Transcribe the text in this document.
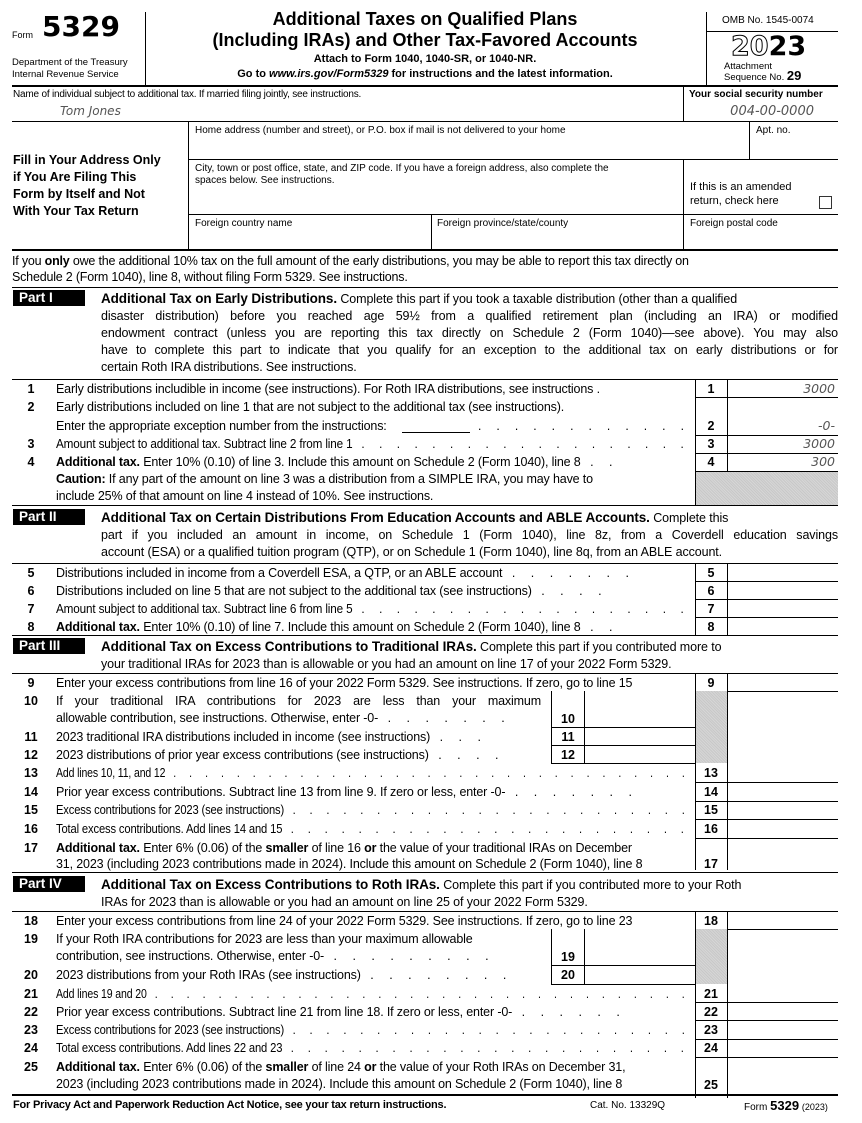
Form 5329
Department of the Treasury
Internal Revenue Service
Additional Taxes on Qualified Plans
(Including IRAs) and Other Tax-Favored Accounts
Attach to Form 1040, 1040-SR, or 1040-NR.
Go to www.irs.gov/Form5329 for instructions and the latest information.
OMB No. 1545-0074
2023
Attachment
Sequence No. 29
Name of individual subject to additional tax. If married filing jointly, see instructions.
Tom Jones
Your social security number
004-00-0000
Fill in Your Address Only
if You Are Filing This
Form by Itself and Not
With Your Tax Return
Home address (number and street), or P.O. box if mail is not delivered to your home	Apt. no.
City, town or post office, state, and ZIP code. If you have a foreign address, also complete the
spaces below. See instructions.
If this is an amended
return, check here
Foreign country name	Foreign province/state/county	Foreign postal code
If you only owe the additional 10% tax on the full amount of the early distributions, you may be able to report this tax directly on
Schedule 2 (Form 1040), line 8, without filing Form 5329. See instructions.
Part I	Additional Tax on Early Distributions. Complete this part if you took a taxable distribution (other than a qualified
disaster distribution) before you reached age 59½ from a qualified retirement plan (including an IRA) or modified
endowment contract (unless you are reporting this tax directly on Schedule 2 (Form 1040)—see above). You may also
have to complete this part to indicate that you qualify for an exception to the additional tax on early distributions or for
certain Roth IRA distributions. See instructions.
1	Early distributions includible in income (see instructions). For Roth IRA distributions, see instructions .	1	3000
2	Early distributions included on line 1 that are not subject to the additional tax (see instructions).
Enter the appropriate exception number from the instructions:	. . . . . . . . . . . .	2	-0-
3	Amount subject to additional tax. Subtract line 2 from line 1 . . . . . . . . . . . . . . . . . . .	3	3000
4	Additional tax. Enter 10% (0.10) of line 3. Include this amount on Schedule 2 (Form 1040), line 8 . .	4	300
Caution: If any part of the amount on line 3 was a distribution from a SIMPLE IRA, you may have to
include 25% of that amount on line 4 instead of 10%. See instructions.
Part II	Additional Tax on Certain Distributions From Education Accounts and ABLE Accounts. Complete this
part if you included an amount in income, on Schedule 1 (Form 1040), line 8z, from a Coverdell education savings
account (ESA) or a qualified tuition program (QTP), or on Schedule 1 (Form 1040), line 8q, from an ABLE account.
5	Distributions included in income from a Coverdell ESA, a QTP, or an ABLE account . . . . . . .	5
6	Distributions included on line 5 that are not subject to the additional tax (see instructions) . . . .	6
7	Amount subject to additional tax. Subtract line 6 from line 5 . . . . . . . . . . . . . . . . . . .	7
8	Additional tax. Enter 10% (0.10) of line 7. Include this amount on Schedule 2 (Form 1040), line 8 . .	8
Part III	Additional Tax on Excess Contributions to Traditional IRAs. Complete this part if you contributed more to
your traditional IRAs for 2023 than is allowable or you had an amount on line 17 of your 2022 Form 5329.
9	Enter your excess contributions from line 16 of your 2022 Form 5329. See instructions. If zero, go to line 15	9
10	If your traditional IRA contributions for 2023 are less than your maximum
allowable contribution, see instructions. Otherwise, enter -0- . . . . . . .	10
11	2023 traditional IRA distributions included in income (see instructions) . . .	11
12	2023 distributions of prior year excess contributions (see instructions) . . . .	12
13	Add lines 10, 11, and 12 . . . . . . . . . . . . . . . . . . . . . . . . . . . . . . . . .	13
14	Prior year excess contributions. Subtract line 13 from line 9. If zero or less, enter -0- . . . . . . .	14
15	Excess contributions for 2023 (see instructions) . . . . . . . . . . . . . . . . . . . . . . . .	15
16	Total excess contributions. Add lines 14 and 15 . . . . . . . . . . . . . . . . . . . . . . . .	16
17	Additional tax. Enter 6% (0.06) of the smaller of line 16 or the value of your traditional IRAs on December
31, 2023 (including 2023 contributions made in 2024). Include this amount on Schedule 2 (Form 1040), line 8	17
Part IV	Additional Tax on Excess Contributions to Roth IRAs. Complete this part if you contributed more to your Roth
IRAs for 2023 than is allowable or you had an amount on line 25 of your 2022 Form 5329.
18	Enter your excess contributions from line 24 of your 2022 Form 5329. See instructions. If zero, go to line 23	18
19	If your Roth IRA contributions for 2023 are less than your maximum allowable
contribution, see instructions. Otherwise, enter -0- . . . . . . . . .	19
20	2023 distributions from your Roth IRAs (see instructions) . . . . . . . .	20
21	Add lines 19 and 20 . . . . . . . . . . . . . . . . . . . . . . . . . . . . . . . . . .	21
22	Prior year excess contributions. Subtract line 21 from line 18. If zero or less, enter -0- . . . . . .	22
23	Excess contributions for 2023 (see instructions) . . . . . . . . . . . . . . . . . . . . . . . .	23
24	Total excess contributions. Add lines 22 and 23 . . . . . . . . . . . . . . . . . . . . . . . .	24
25	Additional tax. Enter 6% (0.06) of the smaller of line 24 or the value of your Roth IRAs on December 31,
2023 (including 2023 contributions made in 2024). Include this amount on Schedule 2 (Form 1040), line 8	25
For Privacy Act and Paperwork Reduction Act Notice, see your tax return instructions.	Cat. No. 13329Q	Form 5329 (2023)
